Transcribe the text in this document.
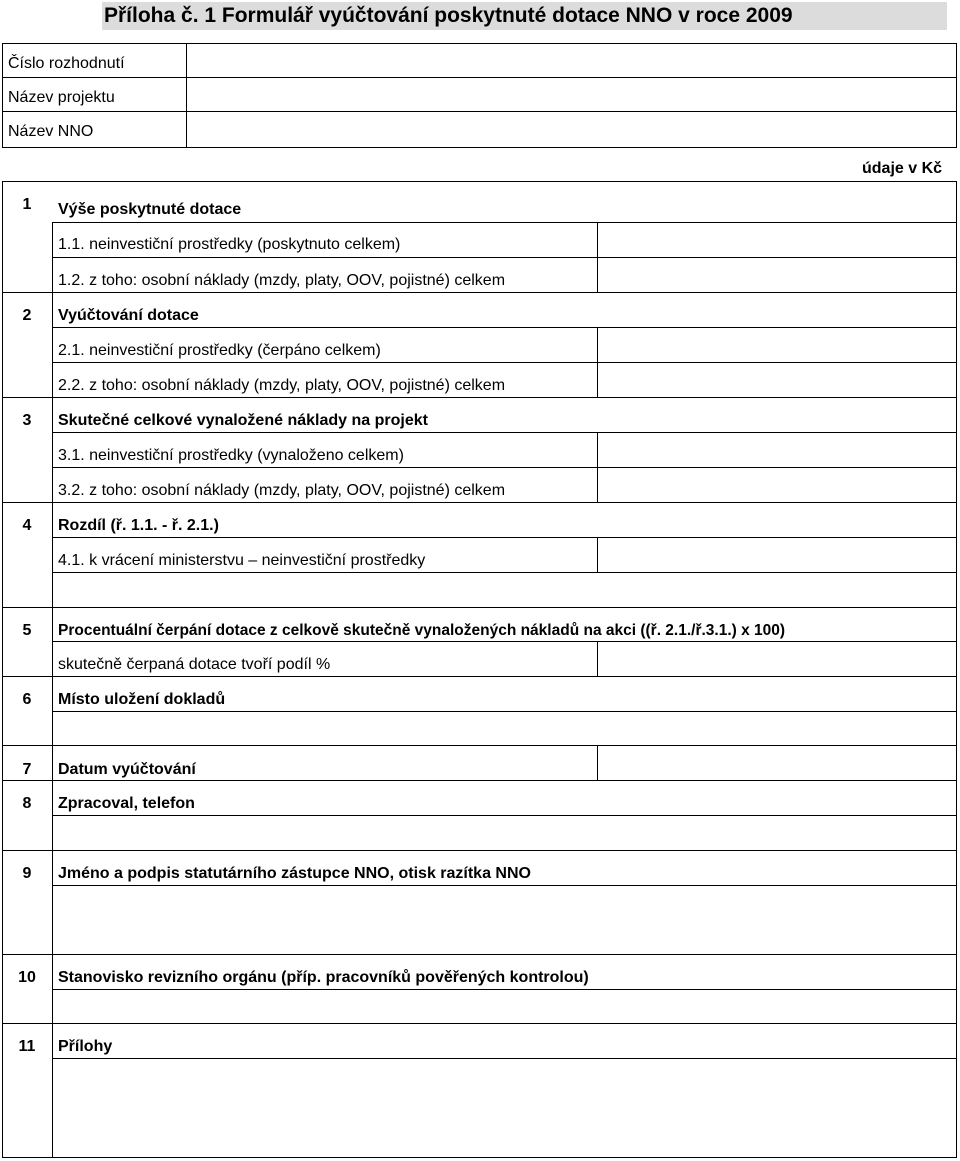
Příloha č. 1 Formulář vyúčtování poskytnuté dotace NNO v roce 2009
Číslo rozhodnutí
Název projektu
Název NNO
údaje v Kč
1	Výše poskytnuté dotace
1.1. neinvestiční prostředky (poskytnuto celkem)
1.2. z toho: osobní náklady (mzdy, platy, OOV, pojistné) celkem
2	Vyúčtování dotace
2.1. neinvestiční prostředky (čerpáno celkem)
2.2. z toho: osobní náklady (mzdy, platy, OOV, pojistné) celkem
3	Skutečné celkové vynaložené náklady na projekt
3.1. neinvestiční prostředky (vynaloženo celkem)
3.2. z toho: osobní náklady (mzdy, platy, OOV, pojistné) celkem
4	Rozdíl (ř. 1.1. - ř. 2.1.)
4.1. k vrácení ministerstvu – neinvestiční prostředky
5	Procentuální čerpání dotace z celkově skutečně vynaložených nákladů na akci ((ř. 2.1./ř.3.1.) x 100)
skutečně čerpaná dotace tvoří podíl %
6	Místo uložení dokladů
7	Datum vyúčtování
8	Zpracoval, telefon
9	Jméno a podpis statutárního zástupce NNO, otisk razítka NNO
10	Stanovisko revizního orgánu (příp. pracovníků pověřených kontrolou)
11	Přílohy
